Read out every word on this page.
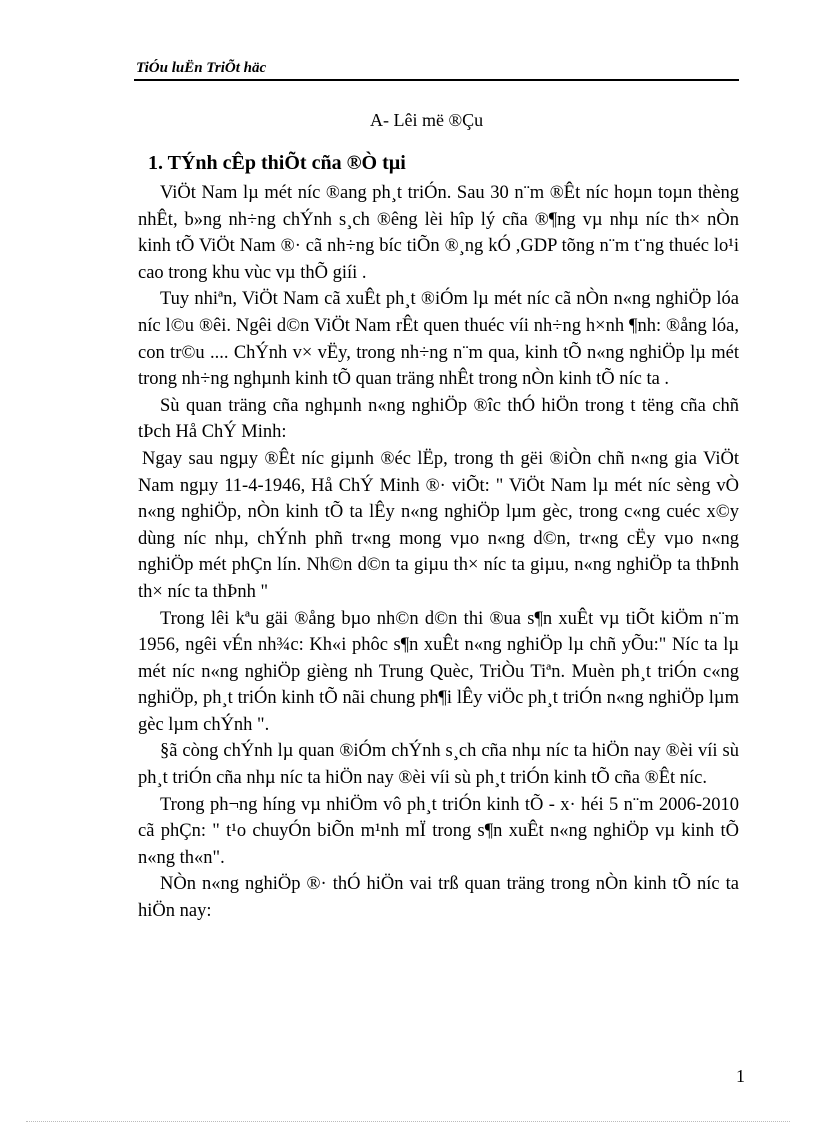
TiÓu luËn TriÕt häc
A- Lêi më ®Çu
1. TÝnh cÊp thiÕt cña ®Ò tµi

ViÖt Nam lµ mét níc ®ang ph¸t triÓn. Sau 30 n¨m ®Êt níc hoµn toµn thèng nhÊt, b»ng nh÷ng chÝnh s¸ch ®êng lèi hîp lý cña ®¶ng vµ nhµ níc th× nÒn kinh tÕ ViÖt Nam ®· cã nh÷ng bíc tiÕn ®¸ng kÓ ,GDP tõng n¨m t¨ng thuéc lo¹i cao trong khu vùc vµ thÕ giíi .

Tuy nhiªn, ViÖt Nam cã xuÊt ph¸t ®iÓm lµ mét níc cã nÒn n«ng nghiÖp lóa níc l©u ®êi. Ngêi d©n ViÖt Nam rÊt quen thuéc víi nh÷ng h×nh ¶nh: ®ång lóa, con tr©u .... ChÝnh v× vËy, trong nh÷ng n¨m qua, kinh tÕ n«ng nghiÖp lµ mét trong nh÷ng nghµnh kinh tÕ quan träng nhÊt trong nÒn kinh tÕ níc ta .

Sù quan träng cña nghµnh n«ng nghiÖp ®îc thÓ hiÖn trong t tëng cña chñ tÞch Hå ChÝ Minh:

Ngay sau ngµy ®Êt níc giµnh ®éc lËp, trong th gëi ®iÒn chñ n«ng gia ViÖt Nam ngµy 11-4-1946, Hå ChÝ Minh ®· viÕt: " ViÖt Nam lµ mét níc sèng vÒ n«ng nghiÖp, nÒn kinh tÕ ta lÊy n«ng nghiÖp lµm gèc, trong c«ng cuéc x©y dùng níc nhµ, chÝnh phñ tr«ng mong vµo n«ng d©n, tr«ng cËy vµo n«ng nghiÖp mét phÇn lín. Nh©n d©n ta giµu th× níc ta giµu, n«ng nghiÖp ta thÞnh th× níc ta thÞnh "

Trong lêi kªu gäi ®ång bµo nh©n d©n thi ®ua s¶n xuÊt vµ tiÕt kiÖm n¨m 1956, ngêi vÉn nh¾c: Kh«i phôc s¶n xuÊt n«ng nghiÖp lµ chñ yÕu:" Níc ta lµ mét níc n«ng nghiÖp gièng nh Trung Quèc, TriÒu Tiªn. Muèn ph¸t triÓn c«ng nghiÖp, ph¸t triÓn kinh tÕ nãi chung ph¶i lÊy viÖc ph¸t triÓn n«ng nghiÖp lµm gèc lµm chÝnh ".

§ã còng chÝnh lµ quan ®iÓm chÝnh s¸ch cña nhµ níc ta hiÖn nay ®èi víi sù ph¸t triÓn cña nhµ níc ta hiÖn nay ®èi víi sù ph¸t triÓn kinh tÕ cña ®Êt níc.

Trong ph¬ng híng vµ nhiÖm vô ph¸t triÓn kinh tÕ - x· héi 5 n¨m 2006-2010 cã phÇn: " t¹o chuyÓn biÕn m¹nh mÏ trong s¶n xuÊt n«ng nghiÖp vµ kinh tÕ n«ng th«n".

NÒn n«ng nghiÖp ®· thÓ hiÖn vai trß quan träng trong nÒn kinh tÕ níc ta hiÖn nay:

1
